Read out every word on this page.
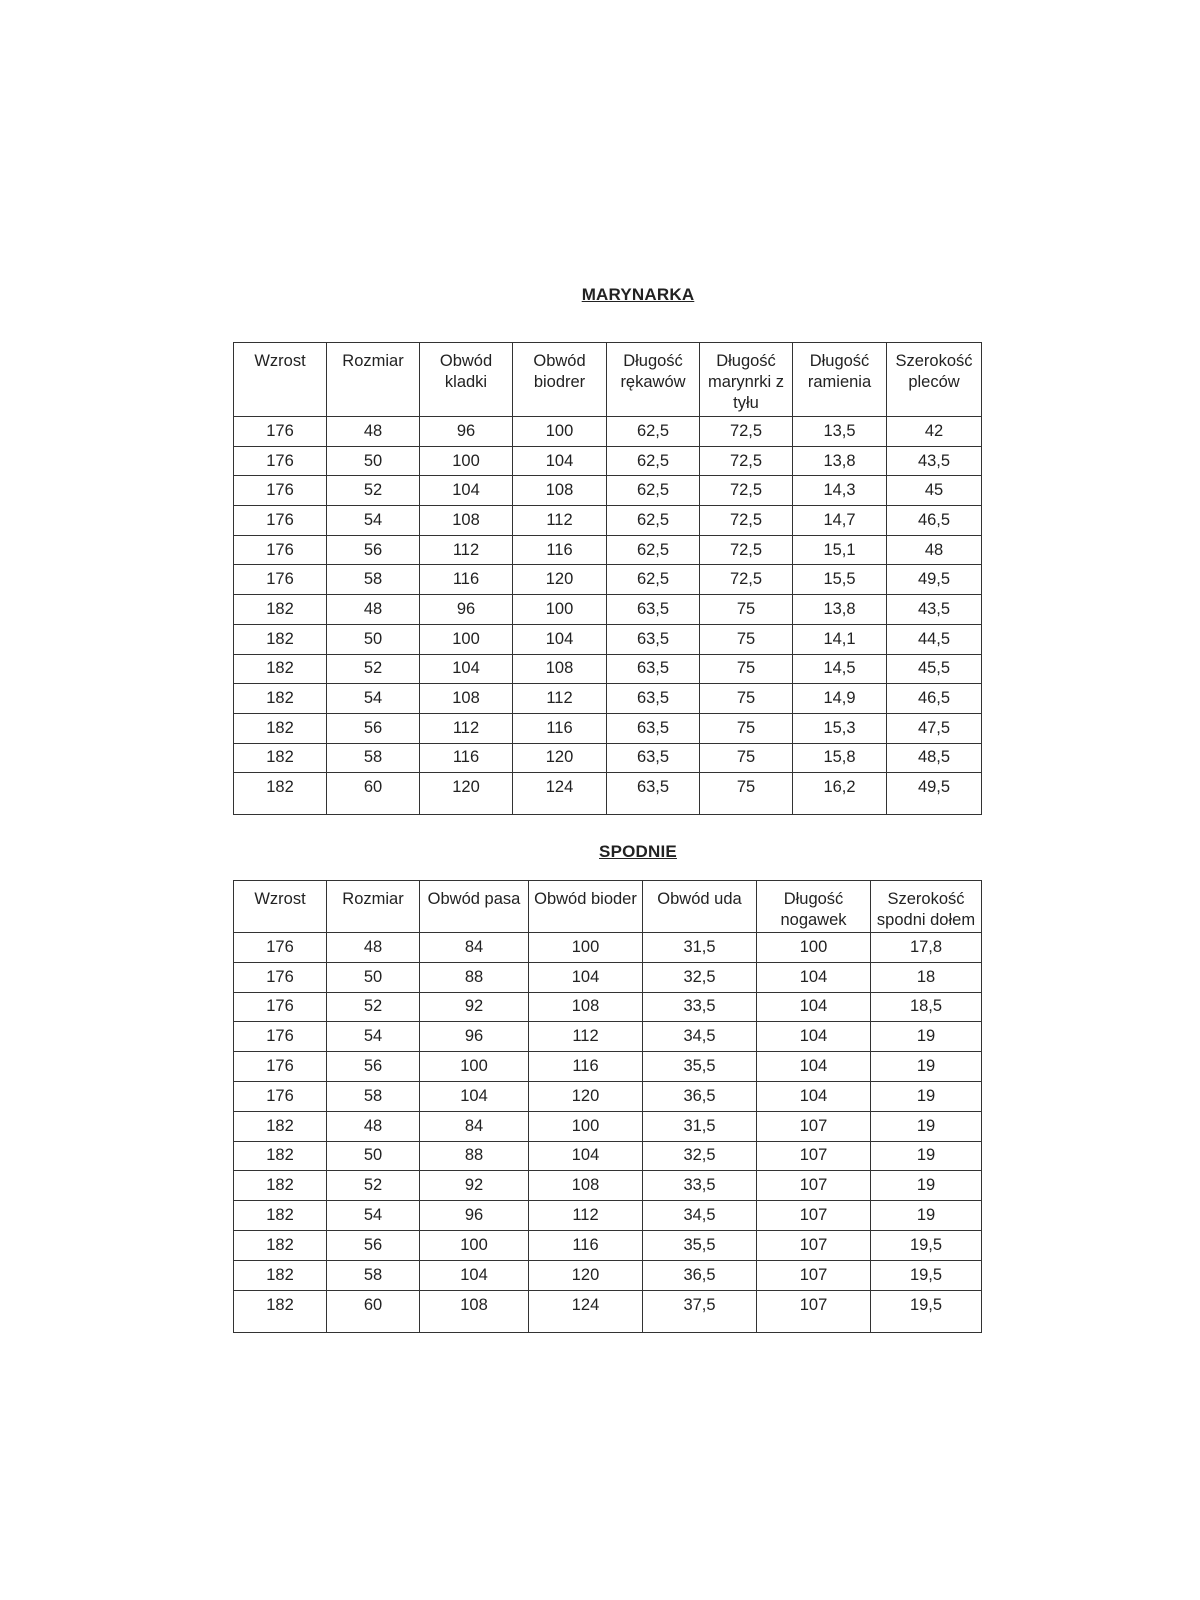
MARYNARKA
Wzrost	Rozmiar	Obwód kladki	Obwód biodrer	Długość rękawów	Długość marynrki z tyłu	Długość ramienia	Szerokość pleców
176	48	96	100	62,5	72,5	13,5	42
176	50	100	104	62,5	72,5	13,8	43,5
176	52	104	108	62,5	72,5	14,3	45
176	54	108	112	62,5	72,5	14,7	46,5
176	56	112	116	62,5	72,5	15,1	48
176	58	116	120	62,5	72,5	15,5	49,5
182	48	96	100	63,5	75	13,8	43,5
182	50	100	104	63,5	75	14,1	44,5
182	52	104	108	63,5	75	14,5	45,5
182	54	108	112	63,5	75	14,9	46,5
182	56	112	116	63,5	75	15,3	47,5
182	58	116	120	63,5	75	15,8	48,5
182	60	120	124	63,5	75	16,2	49,5
SPODNIE
Wzrost	Rozmiar	Obwód pasa	Obwód bioder	Obwód uda	Długość nogawek	Szerokość spodni dołem
176	48	84	100	31,5	100	17,8
176	50	88	104	32,5	104	18
176	52	92	108	33,5	104	18,5
176	54	96	112	34,5	104	19
176	56	100	116	35,5	104	19
176	58	104	120	36,5	104	19
182	48	84	100	31,5	107	19
182	50	88	104	32,5	107	19
182	52	92	108	33,5	107	19
182	54	96	112	34,5	107	19
182	56	100	116	35,5	107	19,5
182	58	104	120	36,5	107	19,5
182	60	108	124	37,5	107	19,5
